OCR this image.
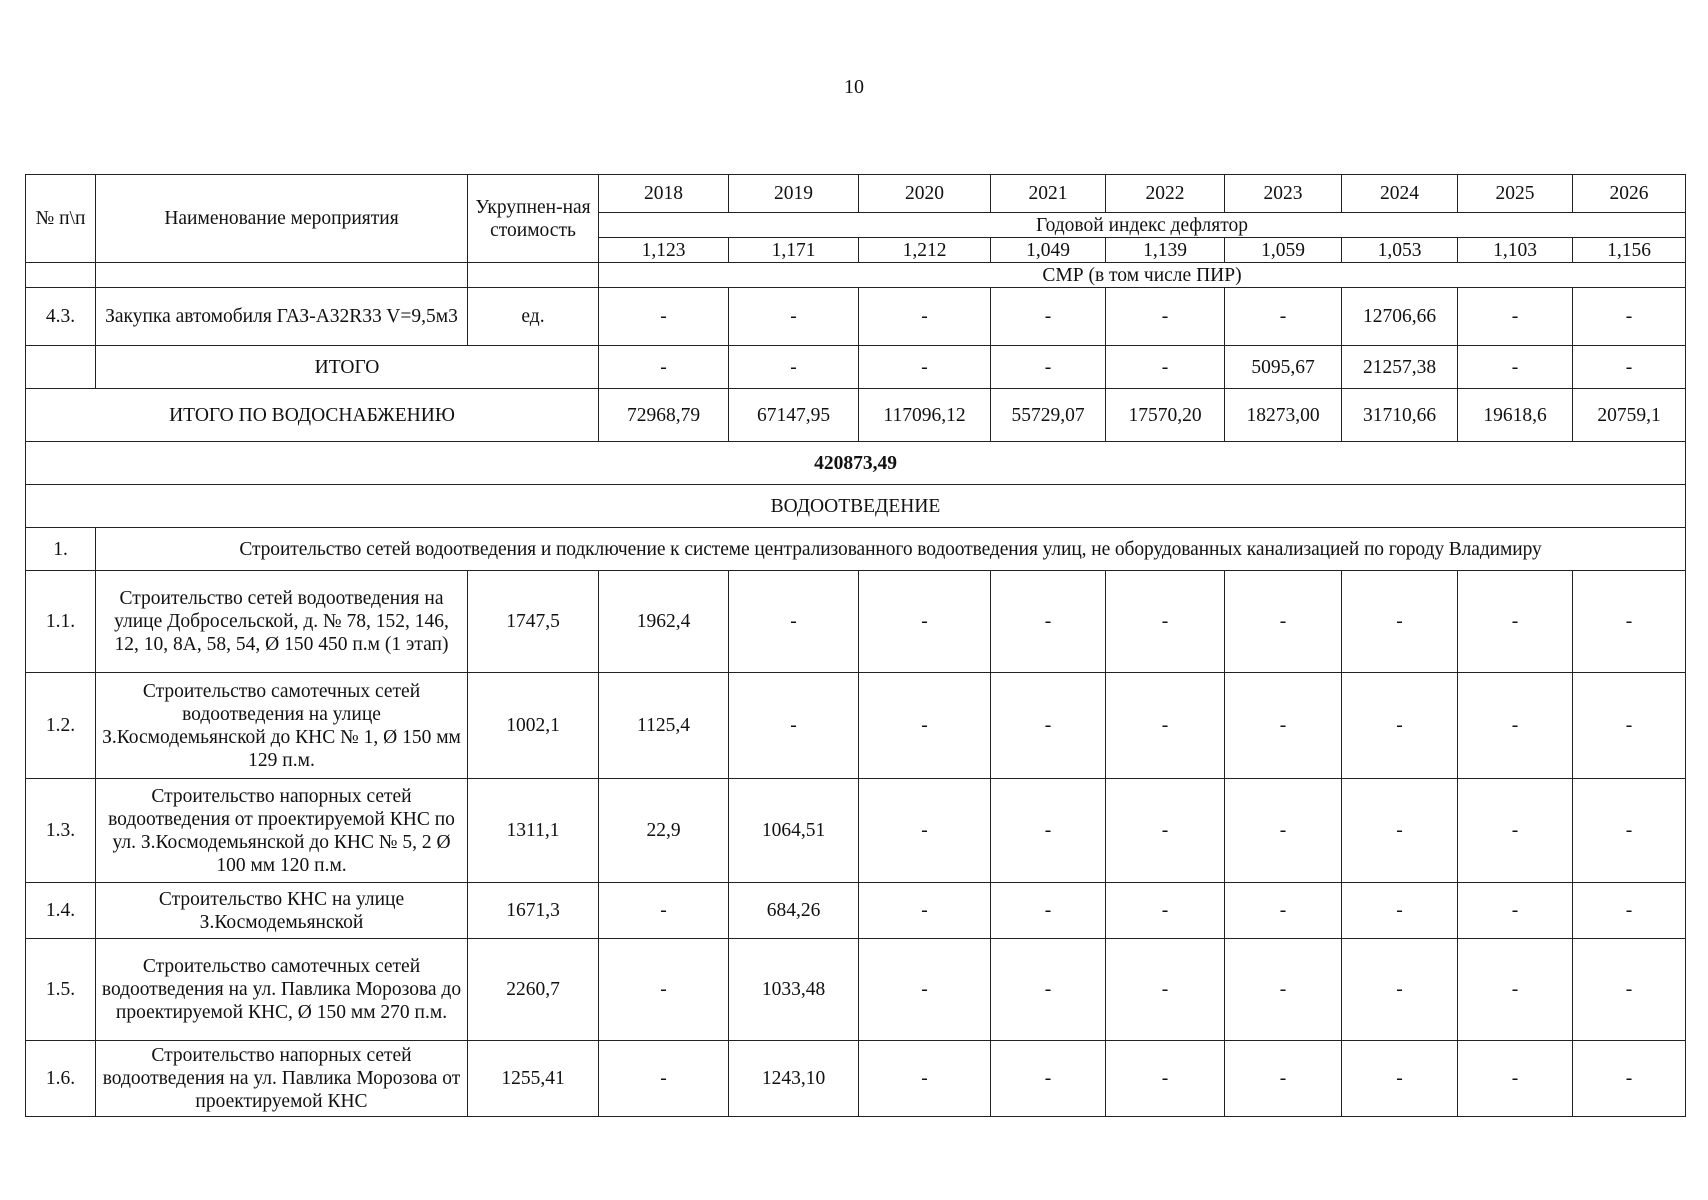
10
№ п\п	Наименование мероприятия	Укрупнен-ная стоимость	2018	2019	2020	2021	2022	2023	2024	2025	2026
			Годовой индекс дефлятор								
			1,123	1,171	1,212	1,049	1,139	1,059	1,053	1,103	1,156
			СМР (в том числе ПИР)								
4.3.	Закупка автомобиля ГАЗ-А32R33 V=9,5м3	ед.	-	-	-	-	-	-	12706,66	-	-
	ИТОГО		-	-	-	-	-	5095,67	21257,38	-	-
ИТОГО ПО ВОДОСНАБЖЕНИЮ			72968,79	67147,95	117096,12	55729,07	17570,20	18273,00	31710,66	19618,6	20759,1
420873,49											
ВОДООТВЕДЕНИЕ											
1.	Строительство сетей водоотведения и подключение к системе централизованного водоотведения улиц, не оборудованных канализацией по городу Владимиру										
1.1.	Строительство сетей водоотведения на улице Добросельской, д. № 78, 152, 146, 12, 10, 8А, 58, 54, Ø 150 450 п.м (1 этап)	1747,5	1962,4	-	-	-	-	-	-	-	-
1.2.	Строительство самотечных сетей водоотведения на улице З.Космодемьянской до КНС № 1, Ø 150 мм 129 п.м.	1002,1	1125,4	-	-	-	-	-	-	-	-
1.3.	Строительство напорных сетей водоотведения от проектируемой КНС по ул. З.Космодемьянской до КНС № 5, 2 Ø 100 мм 120 п.м.	1311,1	22,9	1064,51	-	-	-	-	-	-	-
1.4.	Строительство КНС на улице З.Космодемьянской	1671,3	-	684,26	-	-	-	-	-	-	-
1.5.	Строительство самотечных сетей водоотведения на ул. Павлика Морозова до проектируемой КНС, Ø 150 мм 270 п.м.	2260,7	-	1033,48	-	-	-	-	-	-	-
1.6.	Строительство напорных сетей водоотведения на ул. Павлика Морозова от проектируемой КНС	1255,41	-	1243,10	-	-	-	-	-	-	-
